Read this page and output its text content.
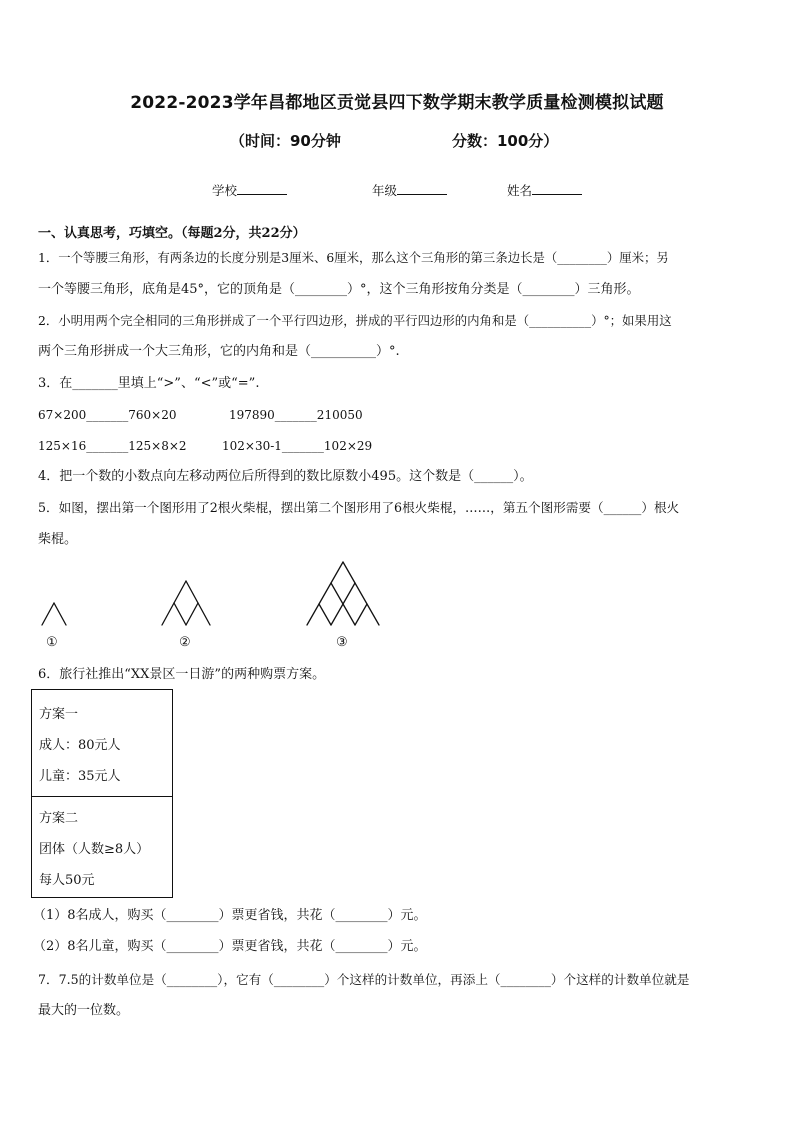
2022-2023学年昌都地区贡觉县四下数学期末教学质量检测模拟试题
（时间：90分钟	分数：100分）
学校	年级	姓名
一、认真思考，巧填空。（每题2分，共22分）
1．一个等腰三角形，有两条边的长度分别是3厘米、6厘米，那么这个三角形的第三条边长是（________）厘米；另
一个等腰三角形，底角是45°，它的顶角是（________）°，这个三角形按角分类是（________）三角形。
2．小明用两个完全相同的三角形拼成了一个平行四边形，拼成的平行四边形的内角和是（__________）°；如果用这
两个三角形拼成一个大三角形，它的内角和是（__________）°.
3．在_______里填上“>”、“<”或“=”.
67×200_______760×20	197890_______210050
125×16_______125×8×2	102×30-1_______102×29
4．把一个数的小数点向左移动两位后所得到的数比原数小495。这个数是（______）。
5．如图，摆出第一个图形用了2根火柴棍，摆出第二个图形用了6根火柴棍，……，第五个图形需要（______）根火
柴棍。
①	②	③
6．旅行社推出“XX景区一日游”的两种购票方案。
方案一
成人：80元人
儿童：35元人
方案二
团体（人数≥8人）
每人50元
（1）8名成人，购买（________）票更省钱，共花（________）元。
（2）8名儿童，购买（________）票更省钱，共花（________）元。
7．7.5的计数单位是（________），它有（________）个这样的计数单位，再添上（________）个这样的计数单位就是
最大的一位数。
